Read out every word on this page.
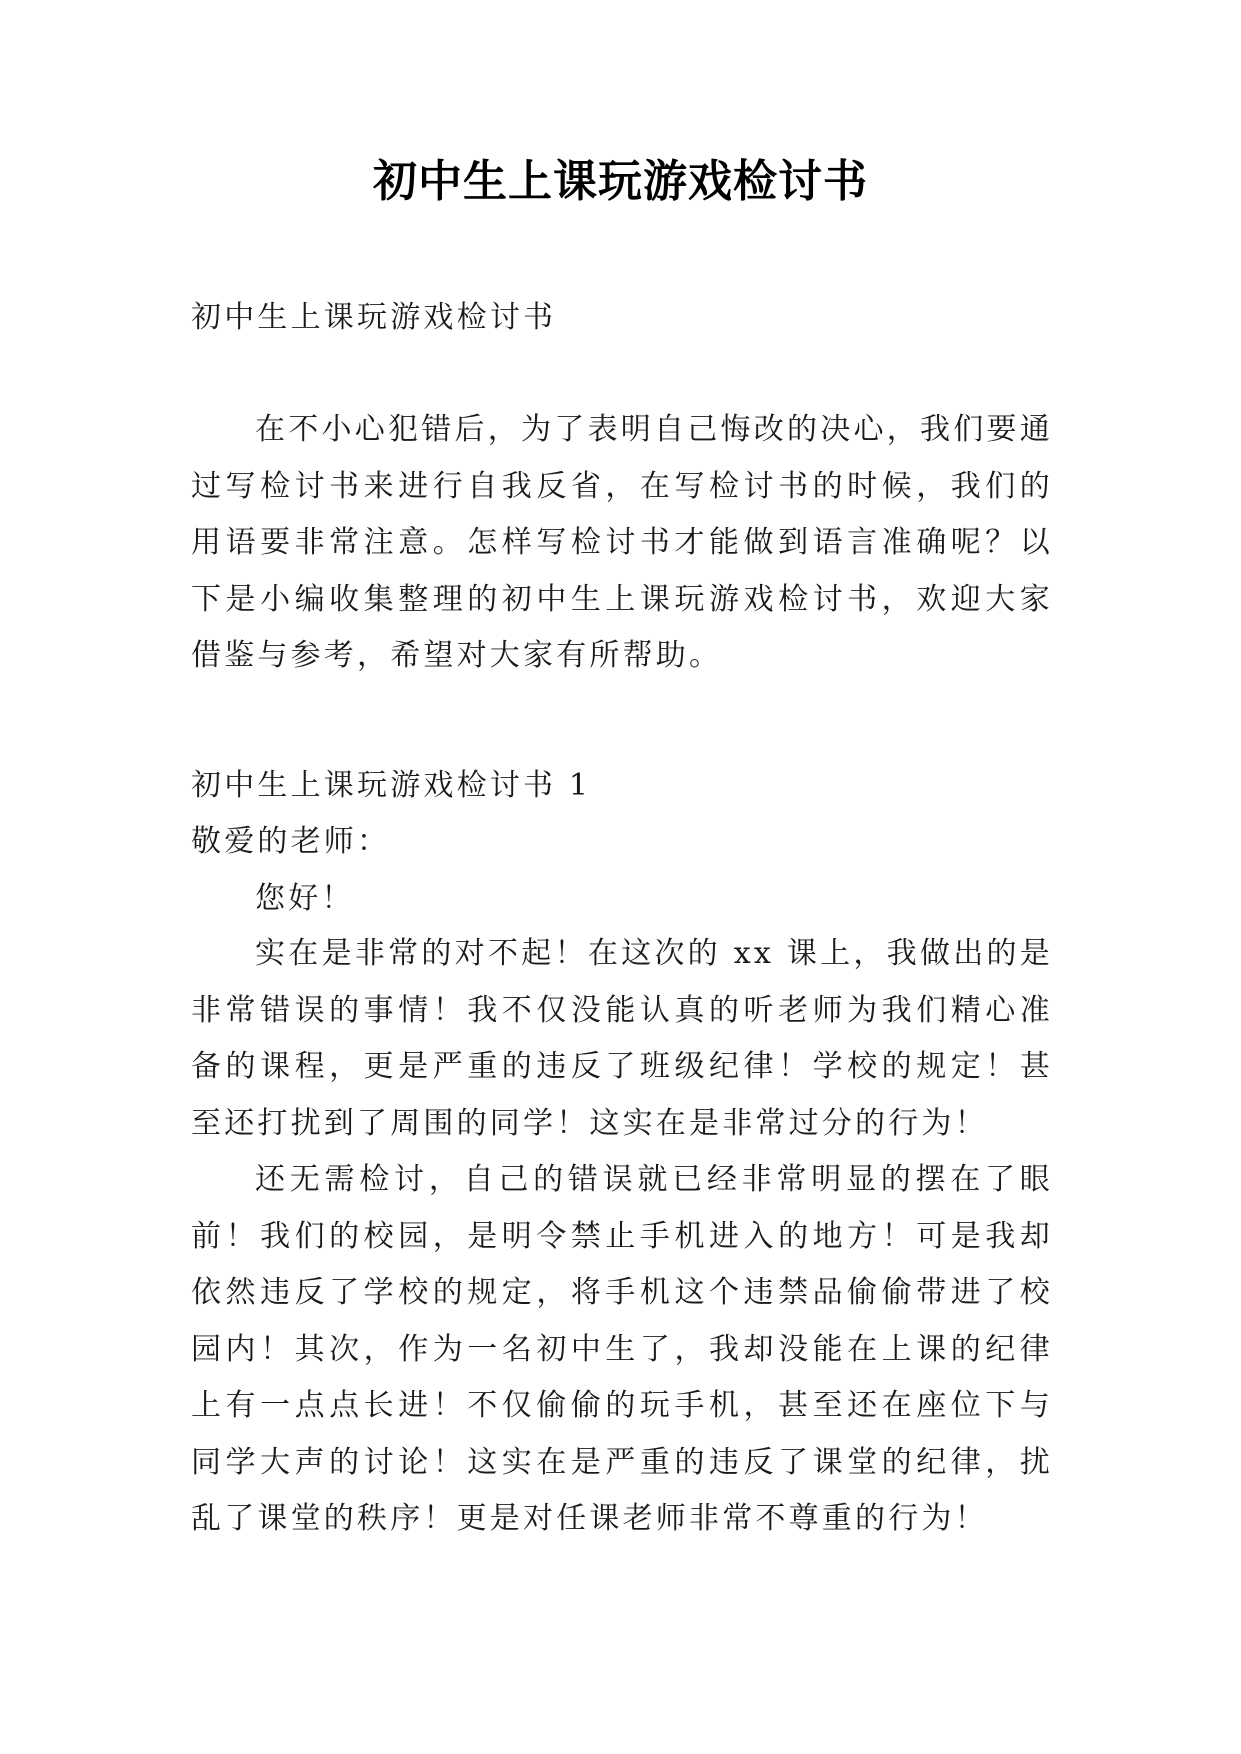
初中生上课玩游戏检讨书

初中生上课玩游戏检讨书

在不小心犯错后，为了表明自己悔改的决心，我们要通过写检讨书来进行自我反省，在写检讨书的时候，我们的用语要非常注意。怎样写检讨书才能做到语言准确呢？以下是小编收集整理的初中生上课玩游戏检讨书，欢迎大家借鉴与参考，希望对大家有所帮助。

初中生上课玩游戏检讨书 1

敬爱的老师：

您好！

实在是非常的对不起！在这次的 xx 课上，我做出的是非常错误的事情！我不仅没能认真的听老师为我们精心准备的课程，更是严重的违反了班级纪律！学校的规定！甚至还打扰到了周围的同学！这实在是非常过分的行为！

还无需检讨，自己的错误就已经非常明显的摆在了眼前！我们的校园，是明令禁止手机进入的地方！可是我却依然违反了学校的规定，将手机这个违禁品偷偷带进了校园内！其次，作为一名初中生了，我却没能在上课的纪律上有一点点长进！不仅偷偷的玩手机，甚至还在座位下与同学大声的讨论！这实在是严重的违反了课堂的纪律，扰乱了课堂的秩序！更是对任课老师非常不尊重的行为！
